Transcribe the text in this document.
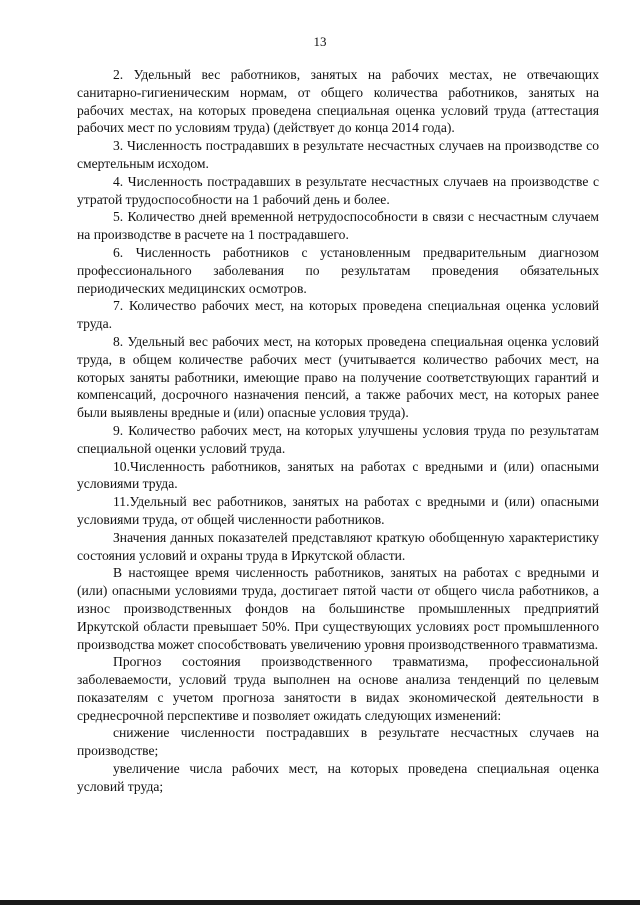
13

2. Удельный вес работников, занятых на рабочих местах, не отвечающих санитарно-гигиеническим нормам, от общего количества работников, занятых на рабочих местах, на которых проведена специальная оценка условий труда (аттестация рабочих мест по условиям труда) (действует до конца 2014 года).

3. Численность пострадавших в результате несчастных случаев на производстве со смертельным исходом.

4. Численность пострадавших в результате несчастных случаев на производстве с утратой трудоспособности на 1 рабочий день и более.

5. Количество дней временной нетрудоспособности в связи с несчастным случаем на производстве в расчете на 1 пострадавшего.

6. Численность работников с установленным предварительным диагнозом профессионального заболевания по результатам проведения обязательных периодических медицинских осмотров.

7. Количество рабочих мест, на которых проведена специальная оценка условий труда.

8. Удельный вес рабочих мест, на которых проведена специальная оценка условий труда, в общем количестве рабочих мест (учитывается количество рабочих мест, на которых заняты работники, имеющие право на получение соответствующих гарантий и компенсаций, досрочного назначения пенсий, а также рабочих мест, на которых ранее были выявлены вредные и (или) опасные условия труда).

9. Количество рабочих мест, на которых улучшены условия труда по результатам специальной оценки условий труда.

10.Численность работников, занятых на работах с вредными и (или) опасными условиями труда.

11.Удельный вес работников, занятых на работах с вредными и (или) опасными условиями труда, от общей численности работников.

Значения данных показателей представляют краткую обобщенную характеристику состояния условий и охраны труда в Иркутской области.

В настоящее время численность работников, занятых на работах с вредными и (или) опасными условиями труда, достигает пятой части от общего числа работников, а износ производственных фондов на большинстве промышленных предприятий Иркутской области превышает 50%. При существующих условиях рост промышленного производства может способствовать увеличению уровня производственного травматизма.

Прогноз состояния производственного травматизма, профессиональной заболеваемости, условий труда выполнен на основе анализа тенденций по целевым показателям с учетом прогноза занятости в видах экономической деятельности в среднесрочной перспективе и позволяет ожидать следующих изменений:

снижение численности пострадавших в результате несчастных случаев на производстве;

увеличение числа рабочих мест, на которых проведена специальная оценка условий труда;
